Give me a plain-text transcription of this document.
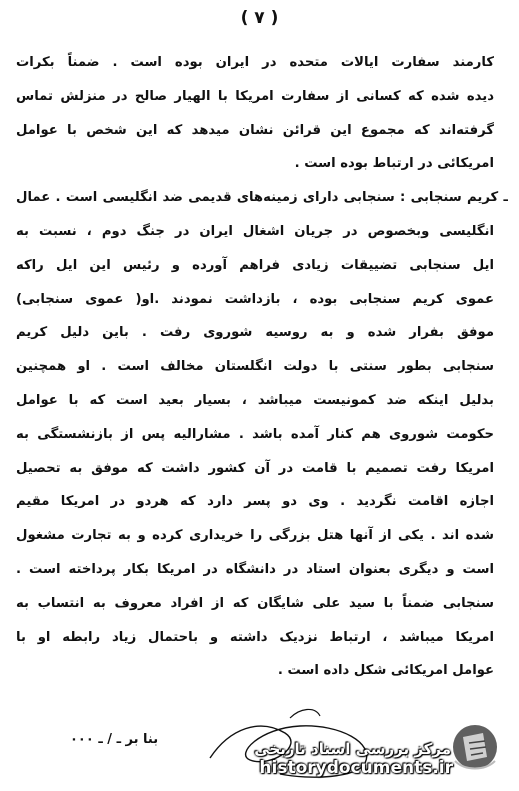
( ۷ )
کارمند سفارت ایالات متحده در ایران بوده است . ضمناً بکرات
دیده شده که کسانی از سفارت امریکا با الهیار صالح در منزلش تماس
گرفته‌اند که مجموع این قرائن نشان میدهد که این شخص با عوامل
امریکائی در ارتباط بوده است .
ـ کریم سنجابی : سنجابی دارای زمینه‌های قدیمی ضد انگلیسی است . عمال
انگلیسی وبخصوص در جریان اشغال ایران در جنگ دوم ، نسبت به
ایل سنجابی تضییقات زیادی فراهم آورده و رئیس این ایل راکه
عموی کریم سنجابی بوده ، بازداشت نمودند .او( عموی سنجابی)
موفق بفرار شده و به روسیه شوروی رفت . باین دلیل کریم
سنجابی بطور سنتی با دولت انگلستان مخالف است . او همچنین
بدلیل اینکه ضد کمونیست میباشد ، بسیار بعید است که با عوامل
حکومت شوروی هم کنار آمده باشد . مشارالیه پس از بازنشستگی به
امریکا رفت تصمیم با قامت در آن کشور داشت که موفق به تحصیل
اجازه اقامت نگردید . وی دو پسر دارد که هردو در امریکا مقیم
شده اند . یکی از آنها هتل بزرگی را خریداری کرده و به تجارت مشغول
است و دیگری بعنوان استاد در دانشگاه در امریکا بکار پرداخته است .
سنجابی ضمناً با سید علی شایگان که از افراد معروف به انتساب به
امریکا میباشد ، ارتباط نزدیک داشته و باحتمال زیاد رابطه او با
عوامل امریکائی شکل داده است .
بنا بر ـ / ـ ۰۰۰
مرکز بررسی اسناد تاریخی
historydocuments.ir
